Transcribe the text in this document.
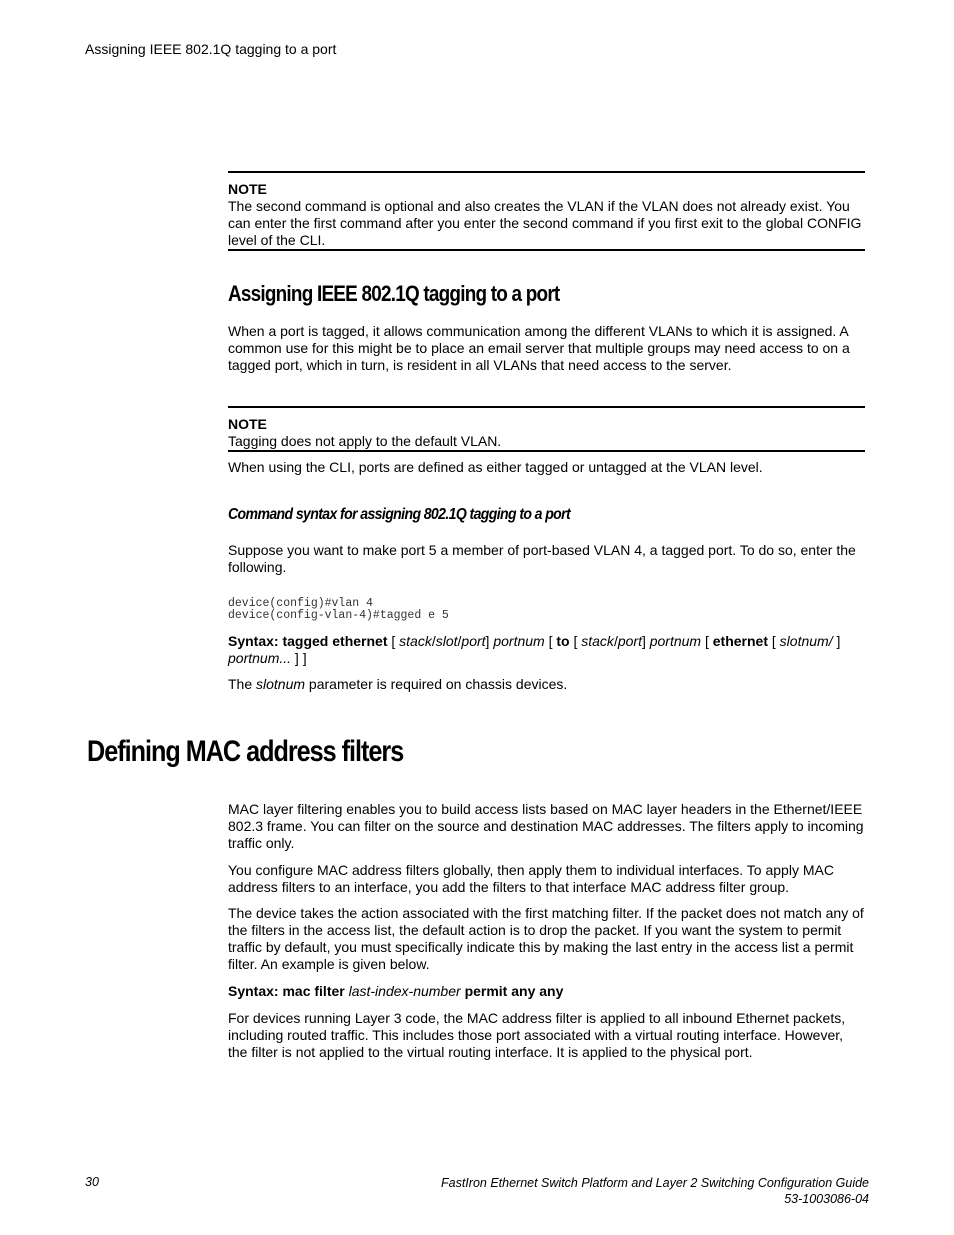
Assigning IEEE 802.1Q tagging to a port
NOTE
The second command is optional and also creates the VLAN if the VLAN does not already exist. You can enter the first command after you enter the second command if you first exit to the global CONFIG level of the CLI.
Assigning IEEE 802.1Q tagging to a port

When a port is tagged, it allows communication among the different VLANs to which it is assigned. A common use for this might be to place an email server that multiple groups may need access to on a tagged port, which in turn, is resident in all VLANs that need access to the server.

NOTE
Tagging does not apply to the default VLAN.

When using the CLI, ports are defined as either tagged or untagged at the VLAN level.

Command syntax for assigning 802.1Q tagging to a port

Suppose you want to make port 5 a member of port-based VLAN 4, a tagged port. To do so, enter the following.

device(config)#vlan 4
device(config-vlan-4)#tagged e 5

Syntax: tagged ethernet [ stack/slot/port] portnum [ to [ stack/port] portnum [ ethernet [ slotnum/ ]
portnum... ] ]

The slotnum parameter is required on chassis devices.

Defining MAC address filters

MAC layer filtering enables you to build access lists based on MAC layer headers in the Ethernet/IEEE 802.3 frame. You can filter on the source and destination MAC addresses. The filters apply to incoming traffic only.

You configure MAC address filters globally, then apply them to individual interfaces. To apply MAC address filters to an interface, you add the filters to that interface MAC address filter group.

The device takes the action associated with the first matching filter. If the packet does not match any of the filters in the access list, the default action is to drop the packet. If you want the system to permit traffic by default, you must specifically indicate this by making the last entry in the access list a permit filter. An example is given below.

Syntax: mac filter last-index-number permit any any

For devices running Layer 3 code, the MAC address filter is applied to all inbound Ethernet packets, including routed traffic. This includes those port associated with a virtual routing interface. However, the filter is not applied to the virtual routing interface. It is applied to the physical port.

30	FastIron Ethernet Switch Platform and Layer 2 Switching Configuration Guide
53-1003086-04
